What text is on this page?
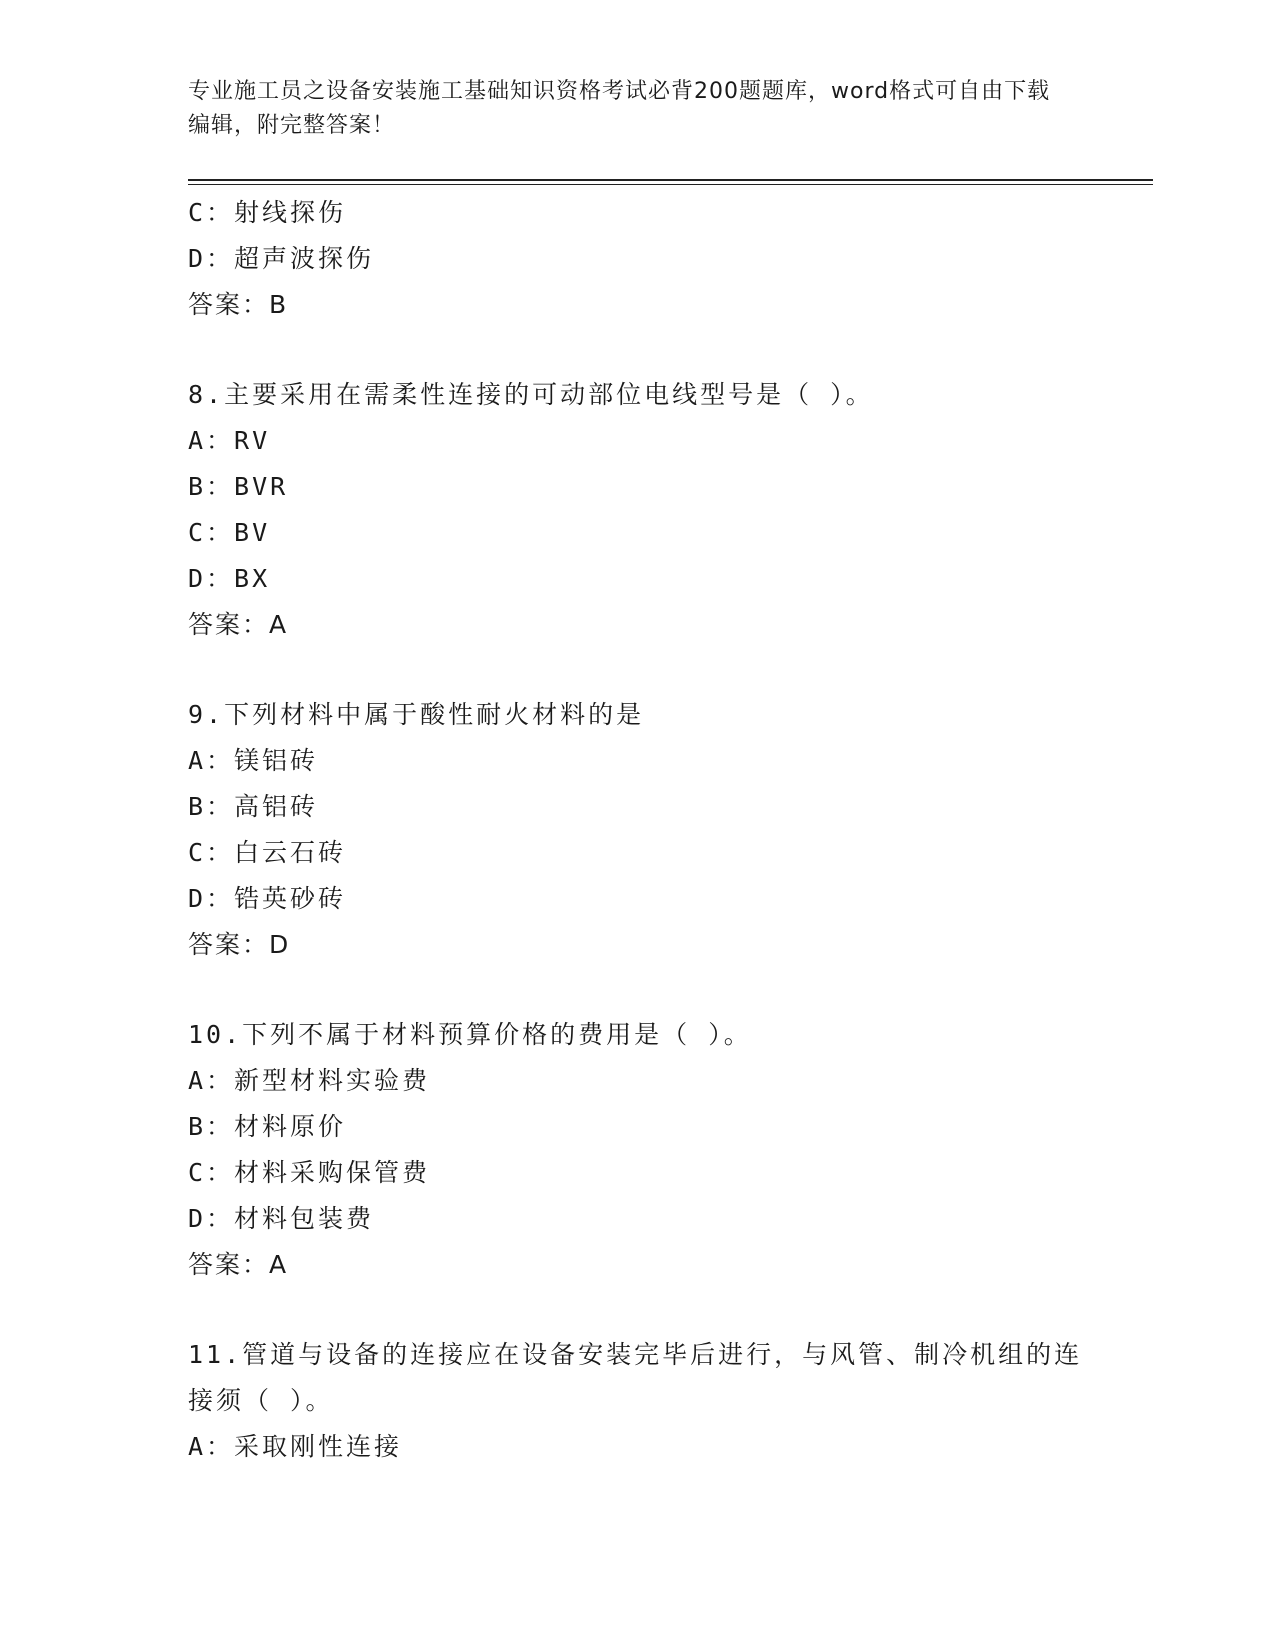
专业施工员之设备安装施工基础知识资格考试必背200题题库，word格式可自由下载编辑，附完整答案！
C：射线探伤
D：超声波探伤
答案：B
8.主要采用在需柔性连接的可动部位电线型号是（ ）。
A：RV
B：BVR
C：BV
D：BX
答案：A
9.下列材料中属于酸性耐火材料的是
A：镁铝砖
B：高铝砖
C：白云石砖
D：锆英砂砖
答案：D
10.下列不属于材料预算价格的费用是（ ）。
A：新型材料实验费
B：材料原价
C：材料采购保管费
D：材料包装费
答案：A
11.管道与设备的连接应在设备安装完毕后进行，与风管、制冷机组的连接须（ ）。
A：采取刚性连接
